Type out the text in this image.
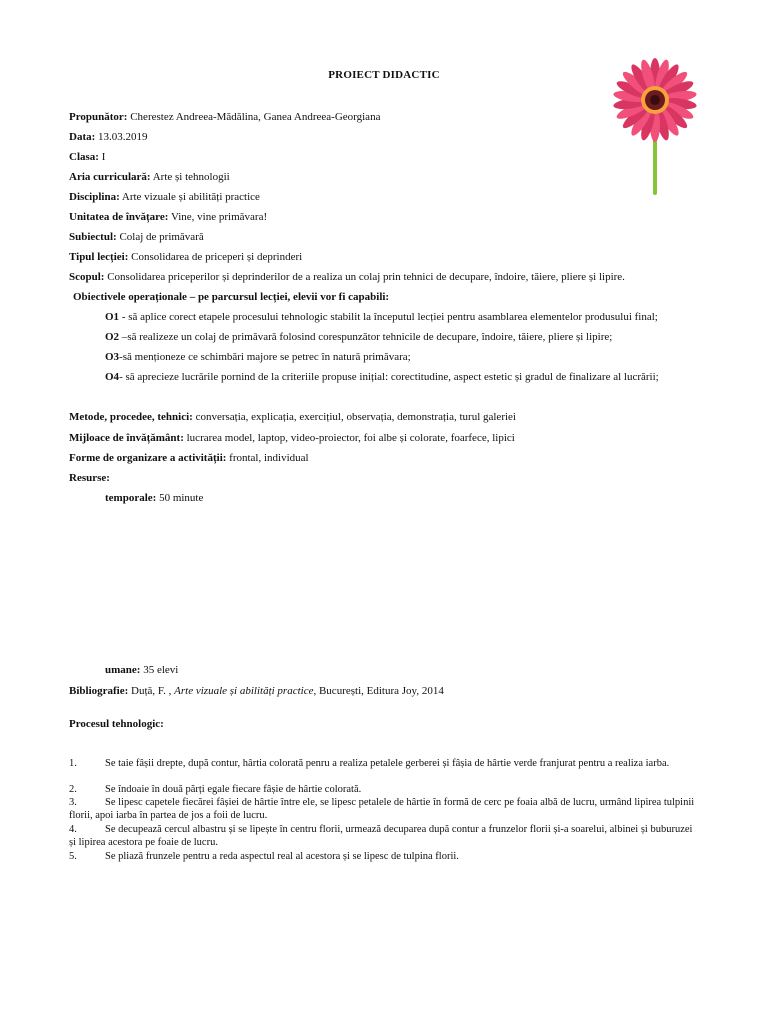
PROIECT DIDACTIC
Propunător: Cherestez Andreea-Mădălina, Ganea Andreea-Georgiana
Data: 13.03.2019
Clasa: I
Aria curriculară: Arte și tehnologii
Disciplina: Arte vizuale și abilități practice
Unitatea de învățare: Vine, vine primăvara!
Subiectul: Colaj de primăvară
Tipul lecției: Consolidarea de priceperi și deprinderi
Scopul: Consolidarea priceperilor și deprinderilor de a realiza un colaj prin tehnici de decupare, îndoire, tăiere, pliere și lipire.
Obiectivele operaționale – pe parcursul lecției, elevii vor fi capabili:
O1 - să aplice corect etapele procesului tehnologic stabilit la începutul lecției pentru asamblarea elementelor produsului final;
O2 –să realizeze un colaj de primăvară folosind corespunzător tehnicile de decupare, îndoire, tăiere, pliere și lipire;
O3-să menționeze ce schimbări majore se petrec în natură primăvara;
O4- să aprecieze lucrările pornind de la criteriile propuse inițial: corectitudine, aspect estetic și gradul de finalizare al lucrării;
Metode, procedee, tehnici: conversația, explicația, exercițiul, observația, demonstrația, turul galeriei
Mijloace de învățământ: lucrarea model, laptop, video-proiector, foi albe și colorate, foarfece, lipici
Forme de organizare a activității: frontal, individual
Resurse:
temporale: 50 minute
umane: 35 elevi
Bibliografie: Duță, F. , Arte vizuale și abilități practice, București, Editura Joy, 2014
Procesul tehnologic:
1.	Se taie fâșii drepte, după contur, hârtia colorată penru a realiza petalele gerberei și fâșia de hârtie verde franjurat pentru a realiza iarba.
2.	Se îndoaie în două părți egale fiecare fâșie de hârtie colorată.
3.	Se lipesc capetele fiecărei fâșiei de hârtie între ele, se lipesc petalele de hârtie în formă de cerc pe foaia albă de lucru, urmând lipirea tulpinii florii, apoi iarba în partea de jos a foii de lucru.
4.	Se decupează cercul albastru și se lipește în centru florii, urmează decuparea după contur a frunzelor florii și-a soarelui, albinei și buburuzei și lipirea acestora pe foaie de lucru.
5.	Se pliază frunzele pentru a reda aspectul real al acestora și se lipesc de tulpina florii.
